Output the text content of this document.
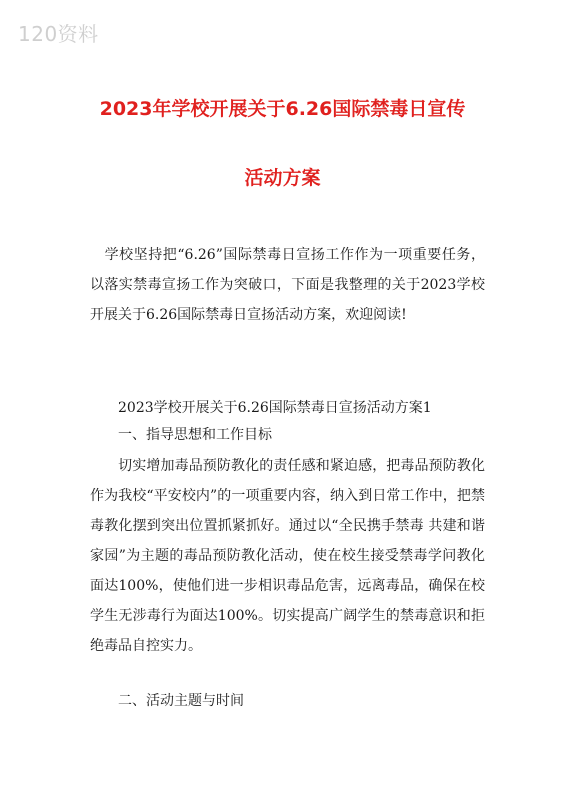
120资料
2023年学校开展关于6.26国际禁毒日宣传
活动方案

学校坚持把“6.26”国际禁毒日宣扬工作作为一项重要任务，以落实禁毒宣扬工作为突破口，下面是我整理的关于2023学校开展关于6.26国际禁毒日宣扬活动方案，欢迎阅读!

2023学校开展关于6.26国际禁毒日宣扬活动方案1

一、指导思想和工作目标

切实增加毒品预防教化的责任感和紧迫感，把毒品预防教化作为我校“平安校内”的一项重要内容，纳入到日常工作中，把禁毒教化摆到突出位置抓紧抓好。通过以“全民携手禁毒 共建和谐家园”为主题的毒品预防教化活动，使在校生接受禁毒学问教化面达100%，使他们进一步相识毒品危害，远离毒品，确保在校学生无涉毒行为面达100%。切实提高广阔学生的禁毒意识和拒绝毒品自控实力。

二、活动主题与时间
